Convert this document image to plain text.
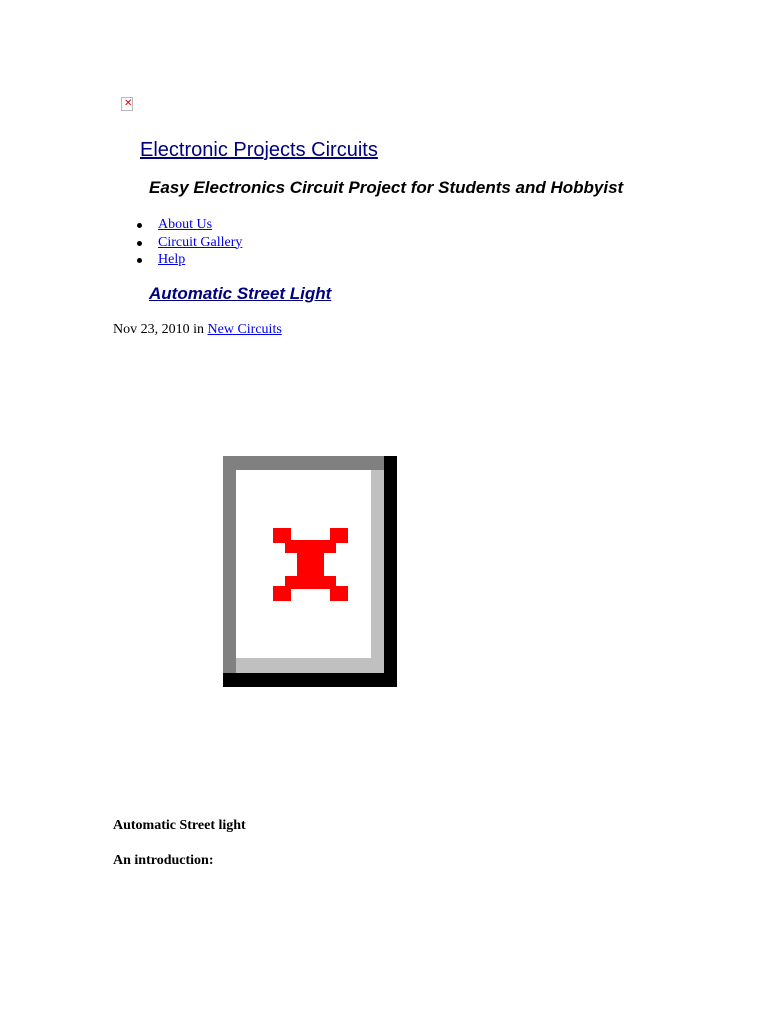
✕
Electronic Projects Circuits
Easy Electronics Circuit Project for Students and Hobbyist
About Us
Circuit Gallery
Help
Automatic Street Light
Nov 23, 2010 in New Circuits
Automatic Street light
An introduction:
